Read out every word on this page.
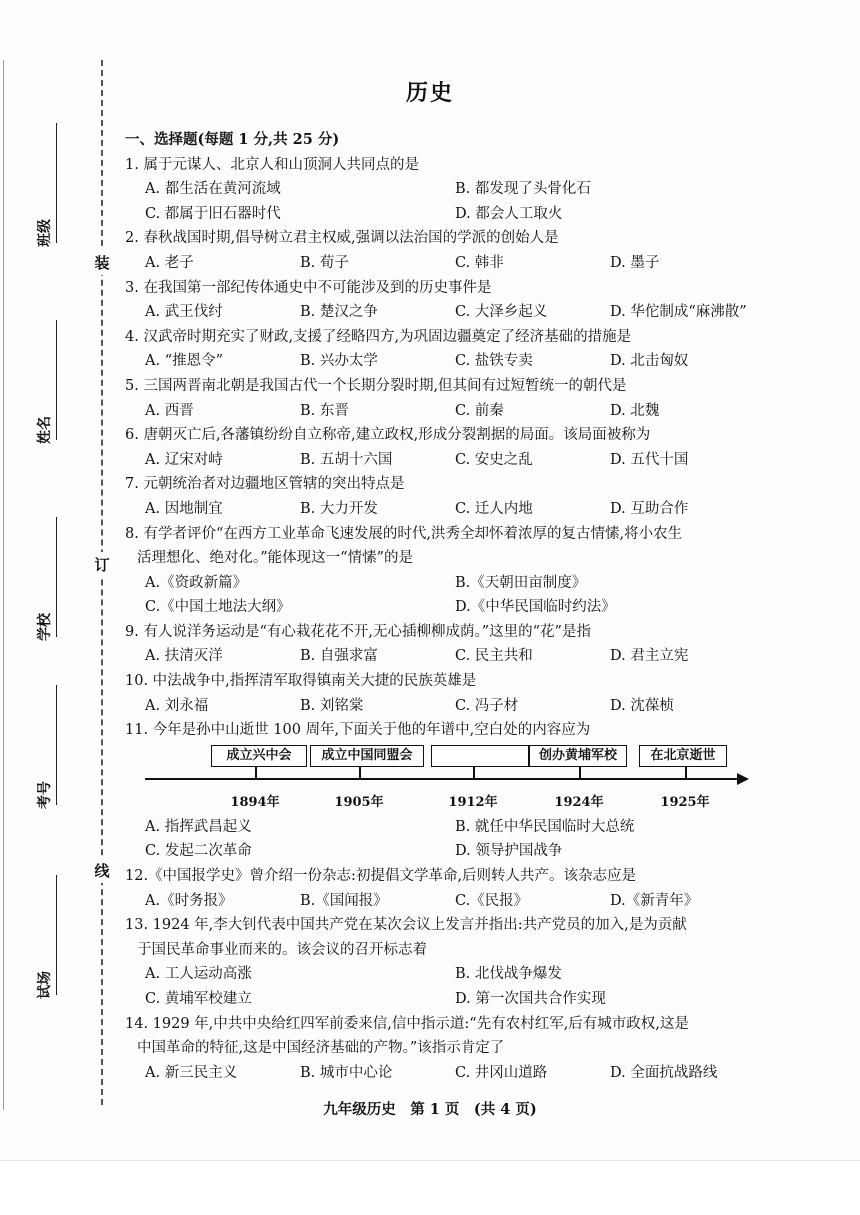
装
订
线
班级
姓名
学校
考号
试场
历史
一、选择题(每题 1 分,共 25 分)
1. 属于元谋人、北京人和山顶洞人共同点的是
A. 都生活在黄河流域	B. 都发现了头骨化石
C. 都属于旧石器时代	D. 都会人工取火
2. 春秋战国时期,倡导树立君主权威,强调以法治国的学派的创始人是
A. 老子	B. 荀子	C. 韩非	D. 墨子
3. 在我国第一部纪传体通史中不可能涉及到的历史事件是
A. 武王伐纣	B. 楚汉之争	C. 大泽乡起义	D. 华佗制成“麻沸散”
4. 汉武帝时期充实了财政,支援了经略四方,为巩固边疆奠定了经济基础的措施是
A. “推恩令”	B. 兴办太学	C. 盐铁专卖	D. 北击匈奴
5. 三国两晋南北朝是我国古代一个长期分裂时期,但其间有过短暂统一的朝代是
A. 西晋	B. 东晋	C. 前秦	D. 北魏
6. 唐朝灭亡后,各藩镇纷纷自立称帝,建立政权,形成分裂割据的局面。该局面被称为
A. 辽宋对峙	B. 五胡十六国	C. 安史之乱	D. 五代十国
7. 元朝统治者对边疆地区管辖的突出特点是
A. 因地制宜	B. 大力开发	C. 迁人内地	D. 互助合作
8. 有学者评价“在西方工业革命飞速发展的时代,洪秀全却怀着浓厚的复古情愫,将小农生
活理想化、绝对化。”能体现这一“情愫”的是
A.《资政新篇》	B.《天朝田亩制度》
C.《中国土地法大纲》	D.《中华民国临时约法》
9. 有人说洋务运动是“有心栽花花不开,无心插柳柳成荫。”这里的“花”是指
A. 扶清灭洋	B. 自强求富	C. 民主共和	D. 君主立宪
10. 中法战争中,指挥清军取得镇南关大捷的民族英雄是
A. 刘永福	B. 刘铭棠	C. 冯子材	D. 沈葆桢
11. 今年是孙中山逝世 100 周年,下面关于他的年谱中,空白处的内容应为
成立兴中会
1894年
成立中国同盟会
1905年	1912年
创办黄埔军校
1924年
在北京逝世
1925年
A. 指挥武昌起义	B. 就任中华民国临时大总统
C. 发起二次革命	D. 领导护国战争
12.《中国报学史》曾介绍一份杂志:初提倡文学革命,后则转人共产。该杂志应是
A.《时务报》	B.《国闻报》	C.《民报》	D.《新青年》
13. 1924 年,李大钊代表中国共产党在某次会议上发言并指出:共产党员的加入,是为贡献
于国民革命事业而来的。该会议的召开标志着
A. 工人运动高涨	B. 北伐战争爆发
C. 黄埔军校建立	D. 第一次国共合作实现
14. 1929 年,中共中央给红四军前委来信,信中指示道:“先有农村红军,后有城市政权,这是
中国革命的特征,这是中国经济基础的产物。”该指示肯定了
A. 新三民主义	B. 城市中心论	C. 井冈山道路	D. 全面抗战路线
九年级历史　第 1 页　(共 4 页)
